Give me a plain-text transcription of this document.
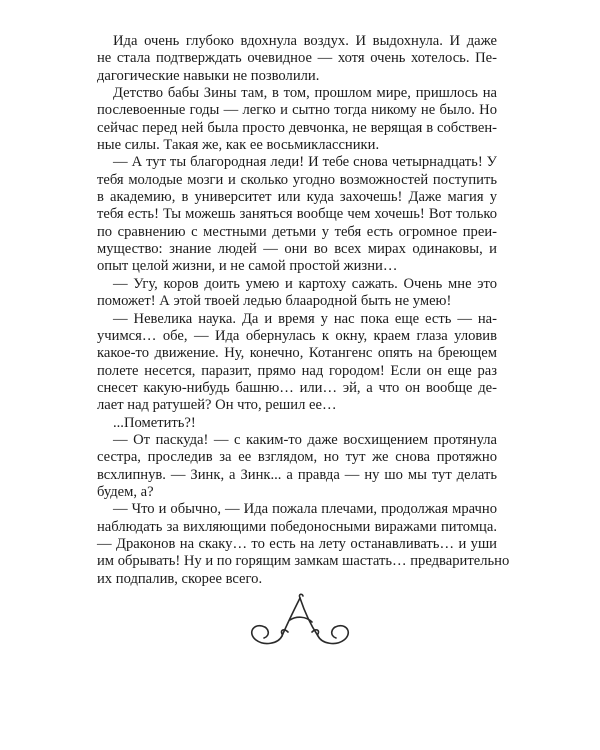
Ида очень глубоко вдохнула воздух. И выдохнула. И даже
не стала подтверждать очевидное — хотя очень хотелось. Пе-
дагогические навыки не позволили.
Детство бабы Зины там, в том, прошлом мире, пришлось на
послевоенные годы — легко и сытно тогда никому не было. Но
сейчас перед ней была просто девчонка, не верящая в собствен-
ные силы. Такая же, как ее восьмиклассники.
— А тут ты благородная леди! И тебе снова четырнадцать! У
тебя молодые мозги и сколько угодно возможностей поступить
в академию, в университет или куда захочешь! Даже магия у
тебя есть! Ты можешь заняться вообще чем хочешь! Вот только
по сравнению с местными детьми у тебя есть огромное преи-
мущество: знание людей — они во всех мирах одинаковы, и
опыт целой жизни, и не самой простой жизни…
— Угу, коров доить умею и картоху сажать. Очень мне это
поможет! А этой твоей ледью блаародной быть не умею!
— Невелика наука. Да и время у нас пока еще есть — на-
учимся… обе, — Ида обернулась к окну, краем глаза уловив
какое-то движение. Ну, конечно, Котангенс опять на бреющем
полете несется, паразит, прямо над городом! Если он еще раз
снесет какую-нибудь башню… или… эй, а что он вообще де-
лает над ратушей? Он что, решил ее…
...Пометить?!
— От паскуда! — с каким-то даже восхищением протянула
сестра, проследив за ее взглядом, но тут же снова протяжно
всхлипнув. — Зинк, а Зинк... а правда — ну шо мы тут делать
будем, а?
— Что и обычно, — Ида пожала плечами, продолжая мрачно
наблюдать за вихляющими победоносными виражами питомца.
— Драконов на скаку… то есть на лету останавливать… и уши
им обрывать! Ну и по горящим замкам шастать… предварительно
их подпалив, скорее всего.
